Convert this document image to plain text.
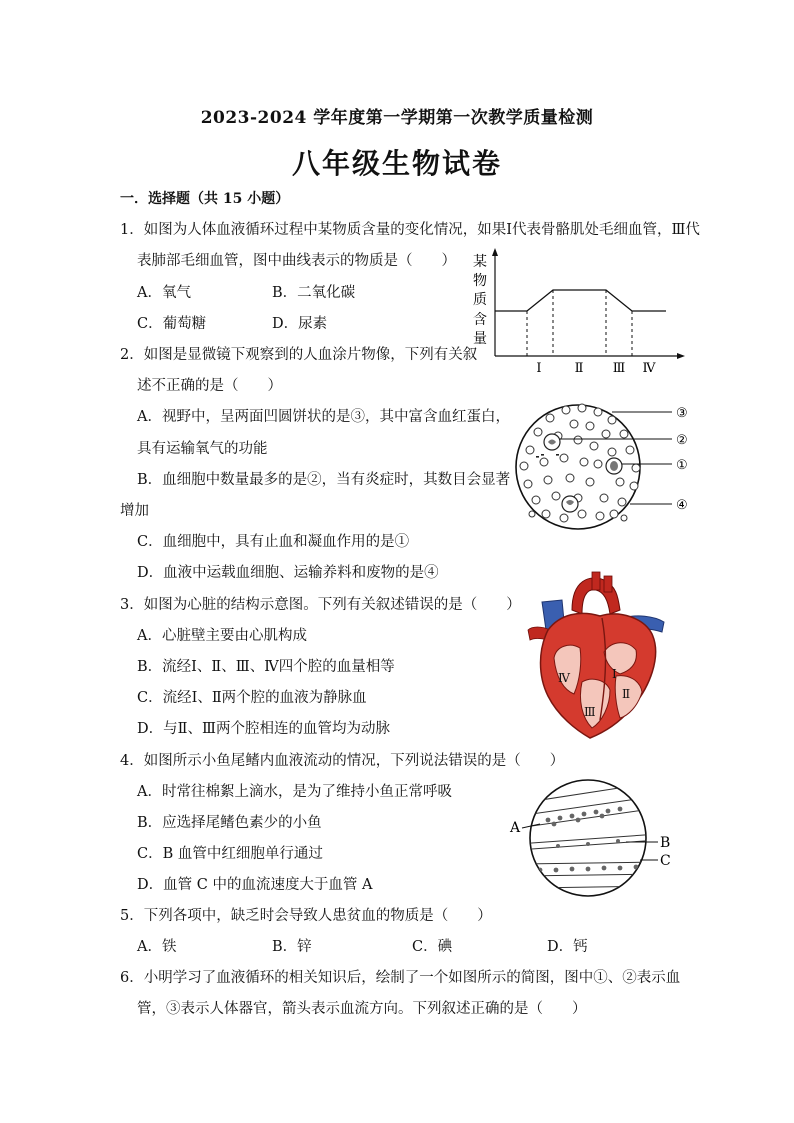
2023-2024 学年度第一学期第一次教学质量检测
八年级生物试卷
一．选择题（共 15 小题）
1．如图为人体血液循环过程中某物质含量的变化情况，如果Ⅰ代表骨骼肌处毛细血管，Ⅲ代
表肺部毛细血管，图中曲线表示的物质是（　　）
A．氧气	B．二氧化碳
C．葡萄糖	D．尿素
某
物
质
含
量
Ⅰ	Ⅱ Ⅲ Ⅳ
2．如图是显微镜下观察到的人血涂片物像，下列有关叙
述不正确的是（　　）
A．视野中，呈两面凹圆饼状的是③，其中富含血红蛋白，
具有运输氧气的功能
B．血细胞中数量最多的是②，当有炎症时，其数目会显著
增加
C．血细胞中，具有止血和凝血作用的是①
D．血液中运载血细胞、运输养料和废物的是④
③
②
①
④
3．如图为心脏的结构示意图。下列有关叙述错误的是（　　）
A．心脏壁主要由心肌构成
B．流经Ⅰ、Ⅱ、Ⅲ、Ⅳ四个腔的血量相等
C．流经Ⅰ、Ⅱ两个腔的血液为静脉血
D．与Ⅱ、Ⅲ两个腔相连的血管均为动脉
Ⅳ	Ⅰ
Ⅱ
Ⅲ
4．如图所示小鱼尾鳍内血液流动的情况，下列说法错误的是（　　）
A．时常往棉絮上滴水，是为了维持小鱼正常呼吸
B．应选择尾鳍色素少的小鱼
C．B 血管中红细胞单行通过
D．血管 C 中的血流速度大于血管 A
A
B
C
5．下列各项中，缺乏时会导致人患贫血的物质是（　　）
A．铁	B．锌	C．碘	D．钙
6．小明学习了血液循环的相关知识后，绘制了一个如图所示的简图，图中①、②表示血
管，③表示人体器官，箭头表示血流方向。下列叙述正确的是（　　）
